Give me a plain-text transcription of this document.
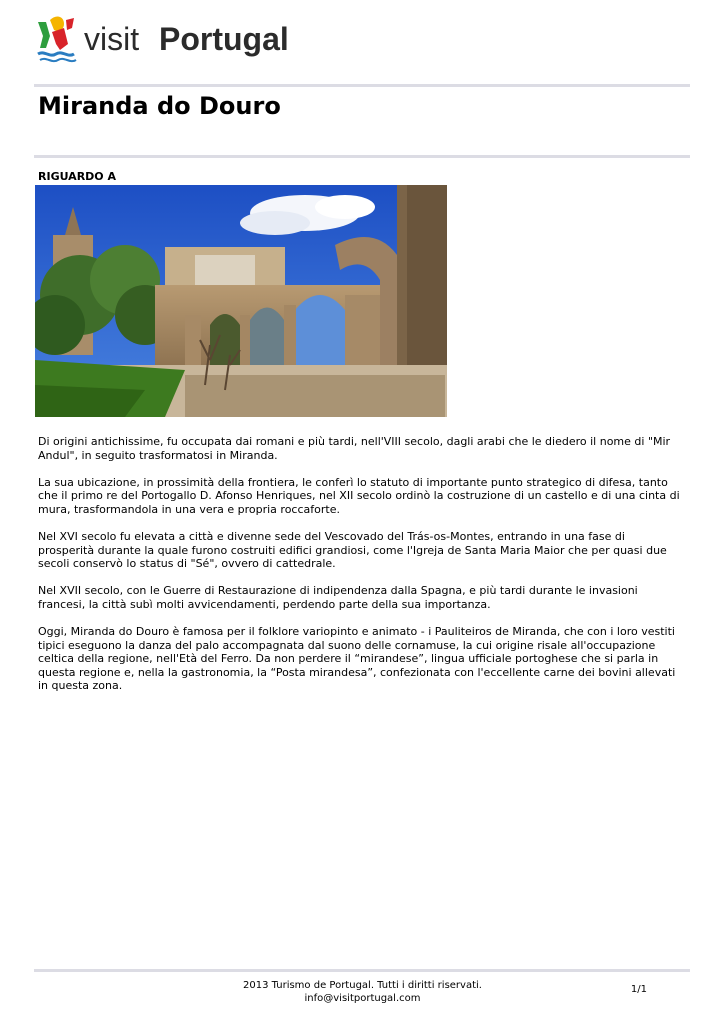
visit Portugal
Miranda do Douro
RIGUARDO A

Di origini antichissime, fu occupata dai romani e più tardi, nell'VIII secolo, dagli arabi che le diedero il nome di "Mir Andul", in seguito trasformatosi in Miranda.

La sua ubicazione, in prossimità della frontiera, le conferì lo statuto di importante punto strategico di difesa, tanto che il primo re del Portogallo D. Afonso Henriques, nel XII secolo ordinò la costruzione di un castello e di una cinta di mura, trasformandola in una vera e propria roccaforte.

Nel XVI secolo fu elevata a città e divenne sede del Vescovado del Trás-os-Montes, entrando in una fase di prosperità durante la quale furono costruiti edifici grandiosi, come l'Igreja de Santa Maria Maior che per quasi due secoli conservò lo status di "Sé", ovvero di cattedrale.

Nel XVII secolo, con le Guerre di Restaurazione di indipendenza dalla Spagna, e più tardi durante le invasioni francesi, la città subì molti avvicendamenti, perdendo parte della sua importanza.

Oggi, Miranda do Douro è famosa per il folklore variopinto e animato - i Pauliteiros de Miranda, che con i loro vestiti tipici eseguono la danza del palo accompagnata dal suono delle cornamuse, la cui origine risale all'occupazione celtica della regione, nell'Età del Ferro. Da non perdere il “mirandese”, lingua ufficiale portoghese che si parla in questa regione e, nella la gastronomia, la “Posta mirandesa”, confezionata con l'eccellente carne dei bovini allevati in questa zona.

2013 Turismo de Portugal. Tutti i diritti riservati.
info@visitportugal.com
1/1
